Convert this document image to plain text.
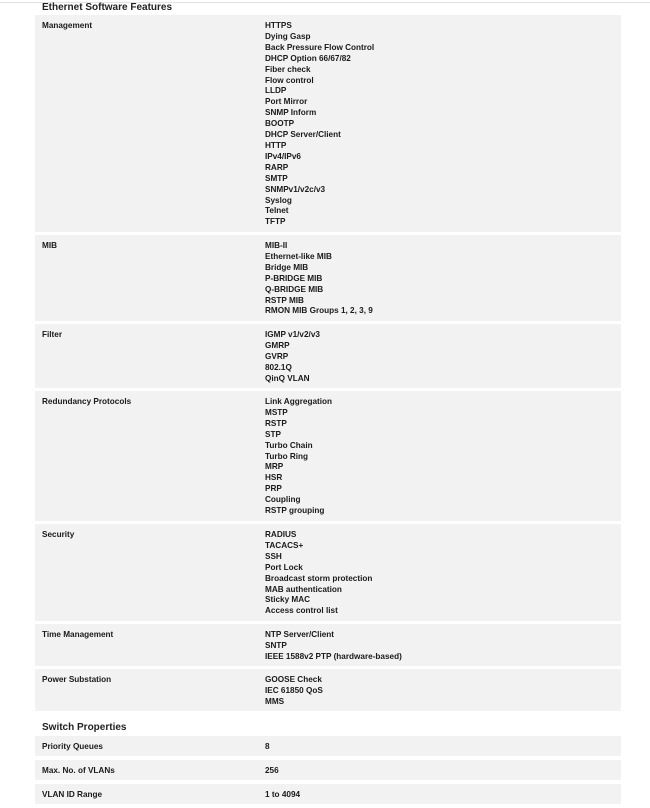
Ethernet Software Features
Management	HTTPS
Dying Gasp
Back Pressure Flow Control
DHCP Option 66/67/82
Fiber check
Flow control
LLDP
Port Mirror
SNMP Inform
BOOTP
DHCP Server/Client
HTTP
IPv4/IPv6
RARP
SMTP
SNMPv1/v2c/v3
Syslog
Telnet
TFTP
MIB	MIB-II
Ethernet-like MIB
Bridge MIB
P-BRIDGE MIB
Q-BRIDGE MIB
RSTP MIB
RMON MIB Groups 1, 2, 3, 9
Filter	IGMP v1/v2/v3
GMRP
GVRP
802.1Q
QinQ VLAN
Redundancy Protocols	Link Aggregation
MSTP
RSTP
STP
Turbo Chain
Turbo Ring
MRP
HSR
PRP
Coupling
RSTP grouping
Security	RADIUS
TACACS+
SSH
Port Lock
Broadcast storm protection
MAB authentication
Sticky MAC
Access control list
Time Management	NTP Server/Client
SNTP
IEEE 1588v2 PTP (hardware-based)
Power Substation	GOOSE Check
IEC 61850 QoS
MMS
Switch Properties
Priority Queues	8
Max. No. of VLANs	256
VLAN ID Range	1 to 4094
